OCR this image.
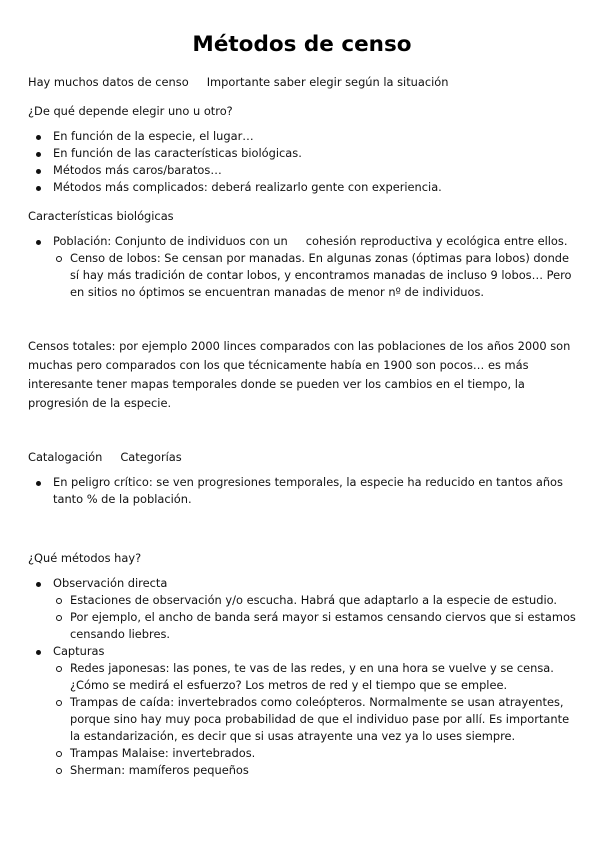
Métodos de censo

Hay muchos datos de censo Importante saber elegir según la situación

¿De qué depende elegir uno u otro?

En función de la especie, el lugar…
En función de las características biológicas.
Métodos más caros/baratos…
Métodos más complicados: deberá realizarlo gente con experiencia.

Características biológicas

Población: Conjunto de individuos con un cohesión reproductiva y ecológica entre ellos.
Censo de lobos: Se censan por manadas. En algunas zonas (óptimas para lobos) donde sí hay más tradición de contar lobos, y encontramos manadas de incluso 9 lobos… Pero en sitios no óptimos se encuentran manadas de menor nº de individuos.

Censos totales: por ejemplo 2000 linces comparados con las poblaciones de los años 2000 son muchas pero comparados con los que técnicamente había en 1900 son pocos… es más interesante tener mapas temporales donde se pueden ver los cambios en el tiempo, la progresión de la especie.

Catalogación Categorías

En peligro crítico: se ven progresiones temporales, la especie ha reducido en tantos años tanto % de la población.

¿Qué métodos hay?

Observación directa
Estaciones de observación y/o escucha. Habrá que adaptarlo a la especie de estudio.
Por ejemplo, el ancho de banda será mayor si estamos censando ciervos que si estamos censando liebres.
Capturas
Redes japonesas: las pones, te vas de las redes, y en una hora se vuelve y se censa. ¿Cómo se medirá el esfuerzo? Los metros de red y el tiempo que se emplee.
Trampas de caída: invertebrados como coleópteros. Normalmente se usan atrayentes, porque sino hay muy poca probabilidad de que el individuo pase por allí. Es importante la estandarización, es decir que si usas atrayente una vez ya lo uses siempre.
Trampas Malaise: invertebrados.
Sherman: mamíferos pequeños
